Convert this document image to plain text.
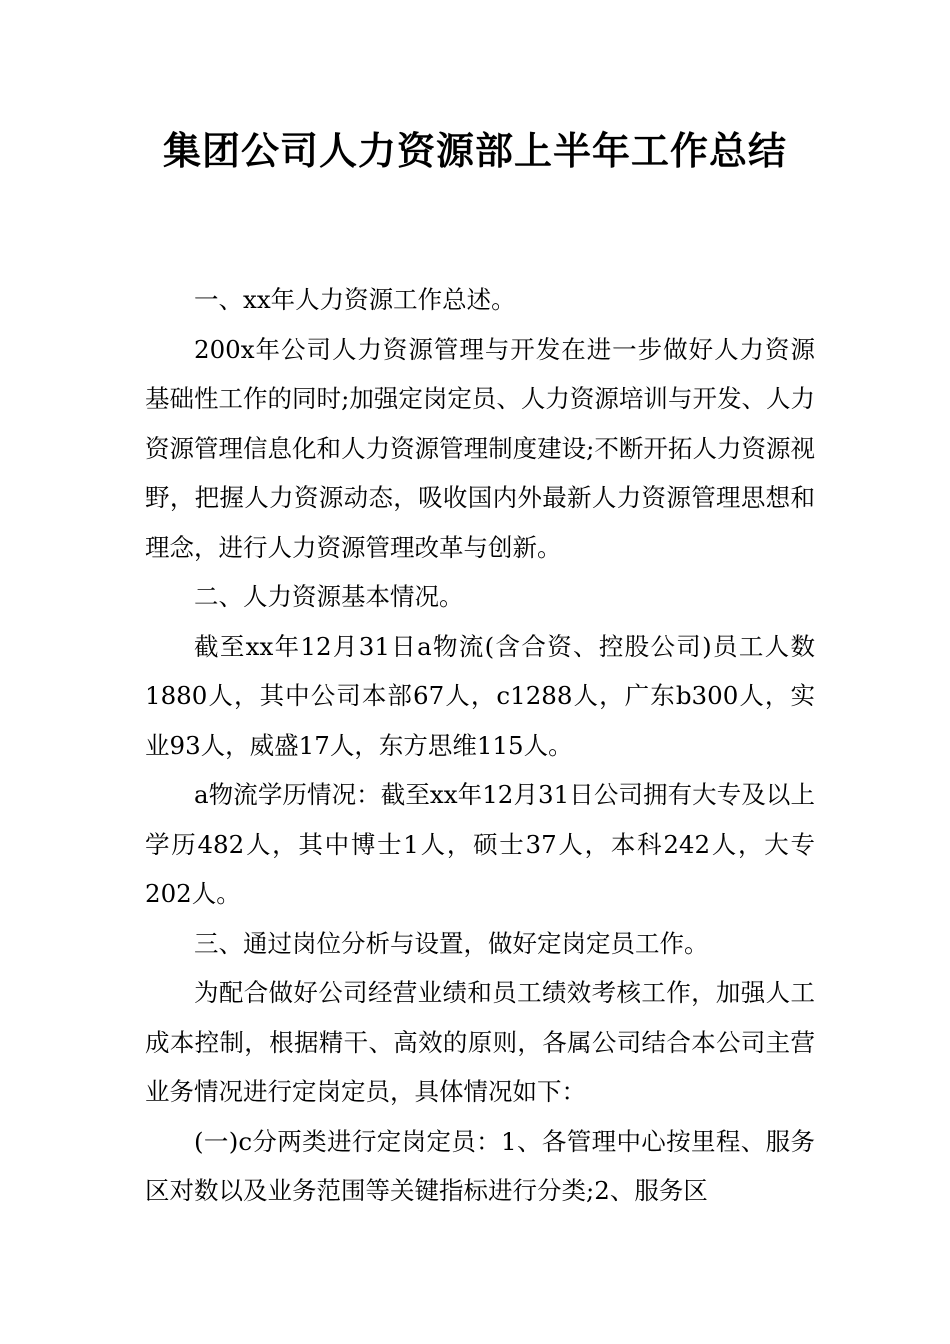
集团公司人力资源部上半年工作总结

一、xx年人力资源工作总述。

200x年公司人力资源管理与开发在进一步做好人力资源基础性工作的同时;加强定岗定员、人力资源培训与开发、人力资源管理信息化和人力资源管理制度建设;不断开拓人力资源视野，把握人力资源动态，吸收国内外最新人力资源管理思想和理念，进行人力资源管理改革与创新。

二、人力资源基本情况。

截至xx年12月31日a物流(含合资、控股公司)员工人数1880人，其中公司本部67人，c1288人，广东b300人，实业93人，威盛17人，东方思维115人。

a物流学历情况：截至xx年12月31日公司拥有大专及以上学历482人，其中博士1人，硕士37人，本科242人，大专202人。

三、通过岗位分析与设置，做好定岗定员工作。

为配合做好公司经营业绩和员工绩效考核工作，加强人工成本控制，根据精干、高效的原则，各属公司结合本公司主营业务情况进行定岗定员，具体情况如下：

(一)c分两类进行定岗定员：1、各管理中心按里程、服务区对数以及业务范围等关键指标进行分类;2、服务区
